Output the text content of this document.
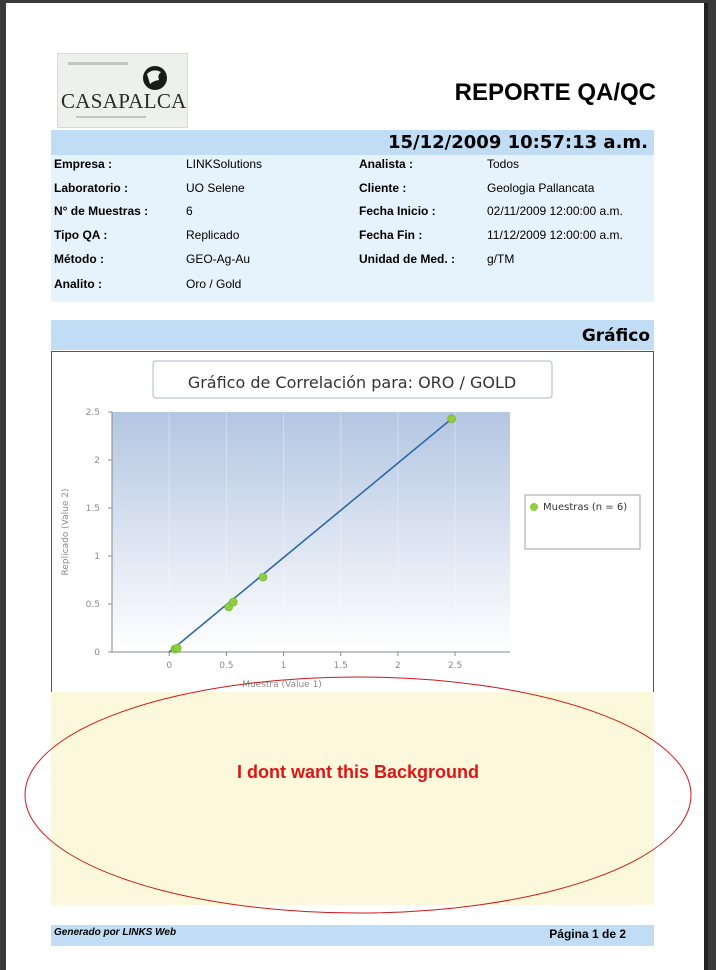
CASAPALCA	REPORTE QA/QC
15/12/2009 10:57:13 a.m.
Empresa :	LINKSolutions
Laboratorio :	UO Selene
N° de Muestras :	6
Tipo QA :	Replicado
Método :	GEO-Ag-Au
Analito :	Oro / Gold
Analista :	Todos
Cliente :	Geologia Pallancata
Fecha Inicio :	02/11/2009 12:00:00 a.m.
Fecha Fin :	11/12/2009 12:00:00 a.m.
Unidad de Med. :	g/TM
Gráfico
Gráfico de Correlación para: ORO / GOLD
0	0.5	1	1.5	2	2.5
0
0.5
1
1.5
2
2.5
Muestra (Value 1)
Replicado (Value 2)	Muestras (n = 6)
I dont want this Background
Generado por LINKS Web	Página 1 de 2
